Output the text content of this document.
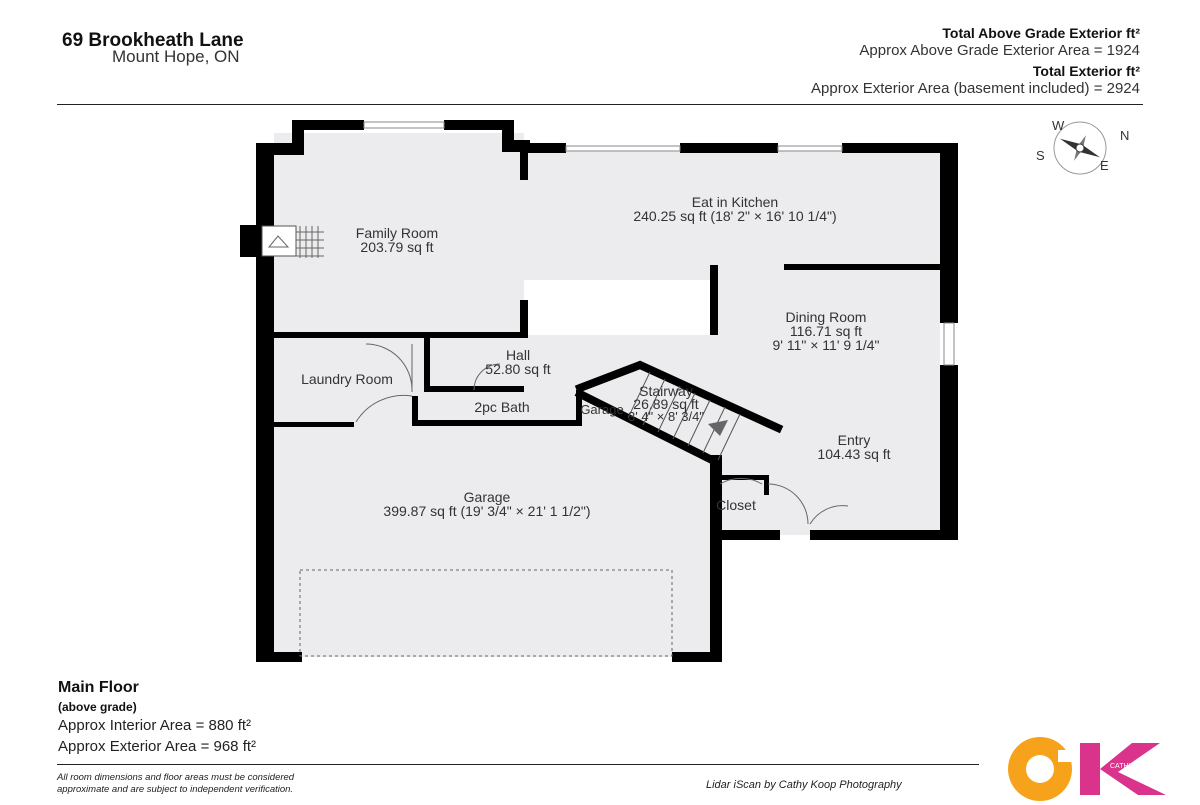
69 Brookheath Lane
Mount Hope, ON
Total Above Grade Exterior ft²
Approx Above Grade Exterior Area = 1924
Total Exterior ft²
Approx Exterior Area (basement included) = 2924
W
N
S
E
Family Room
203.79 sq ft
Eat in Kitchen
240.25 sq ft (18' 2" × 16' 10 1/4")
Dining Room
116.71 sq ft
9' 11" × 11' 9 1/4"
Hall
52.80 sq ft
Laundry Room
2pc Bath
Stairway
26.89 sq ft
3' 4" × 8' 3/4"
Garage
Entry
104.43 sq ft
Closet
Garage
399.87 sq ft (19' 3/4" × 21' 1 1/2")
CATHY KOOP
Main Floor
(above grade)
Approx Interior Area = 880 ft²
Approx Exterior Area = 968 ft²
All room dimensions and floor areas must be considered
approximate and are subject to independent verification.	Lidar iScan by Cathy Koop Photography
